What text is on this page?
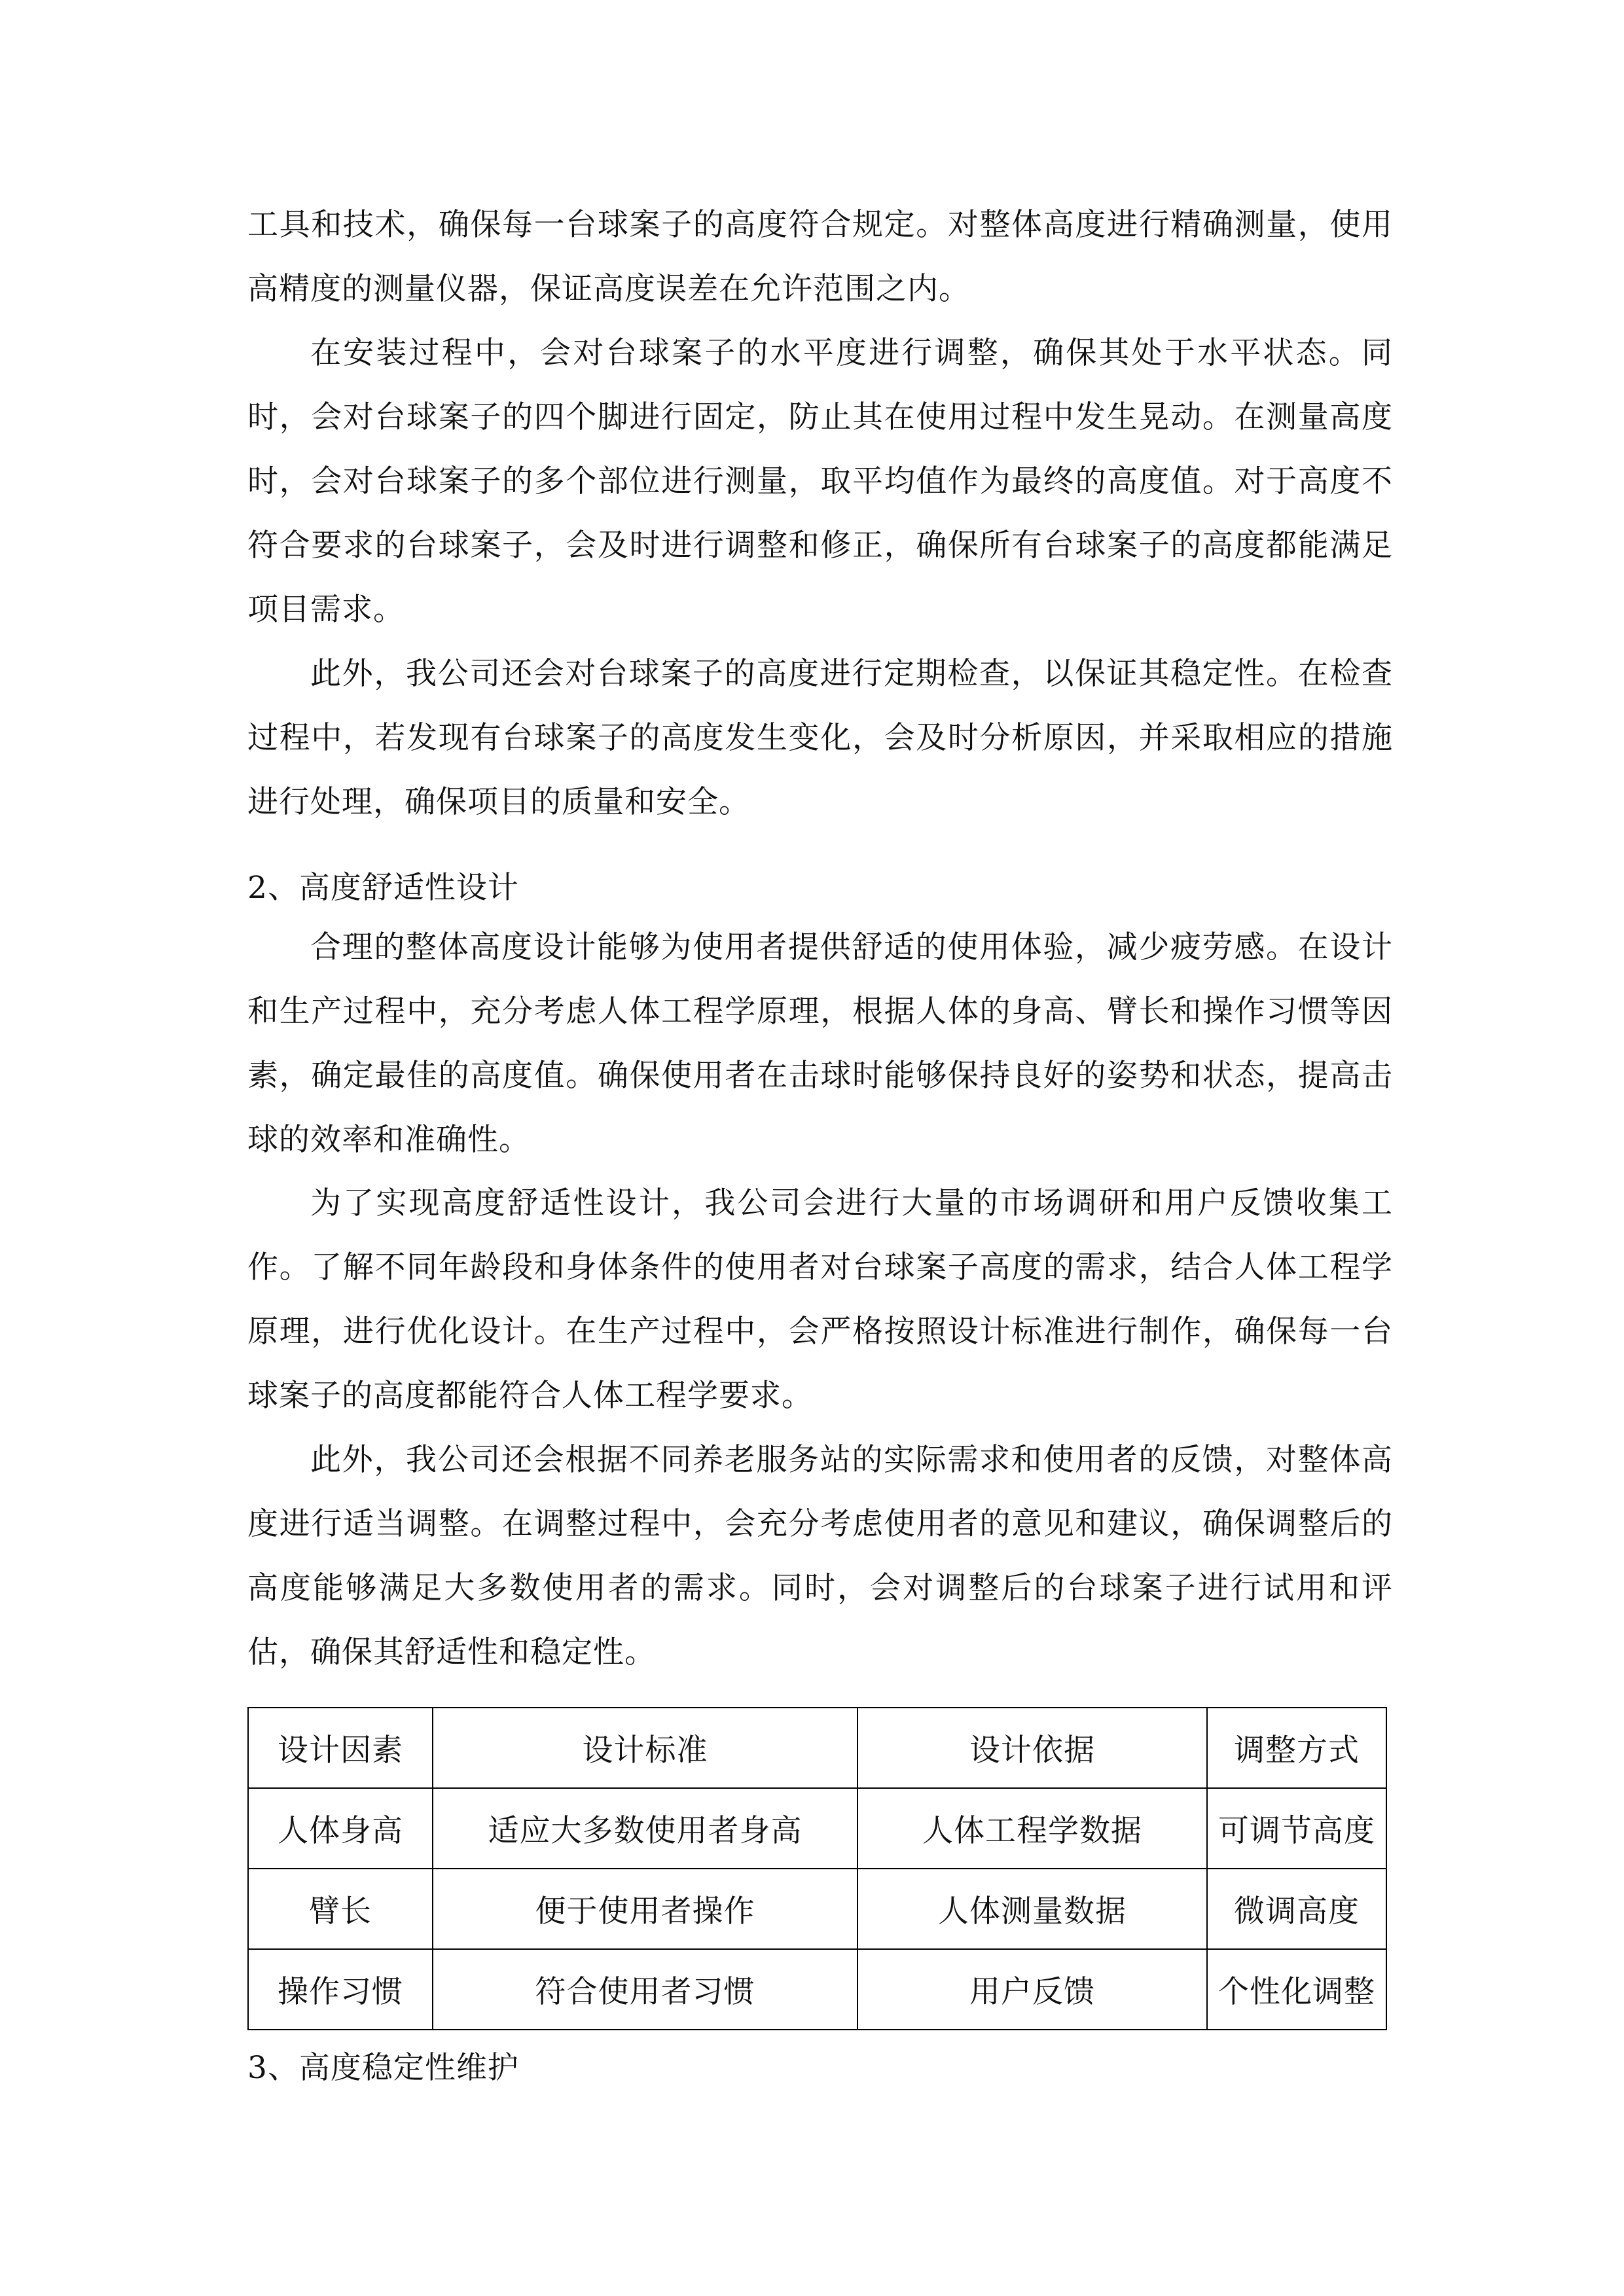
工具和技术，确保每一台球案子的高度符合规定。对整体高度进行精确测量，使用高精度的测量仪器，保证高度误差在允许范围之内。

在安装过程中，会对台球案子的水平度进行调整，确保其处于水平状态。同时，会对台球案子的四个脚进行固定，防止其在使用过程中发生晃动。在测量高度时，会对台球案子的多个部位进行测量，取平均值作为最终的高度值。对于高度不符合要求的台球案子，会及时进行调整和修正，确保所有台球案子的高度都能满足项目需求。

此外，我公司还会对台球案子的高度进行定期检查，以保证其稳定性。在检查过程中，若发现有台球案子的高度发生变化，会及时分析原因，并采取相应的措施进行处理，确保项目的质量和安全。

2、高度舒适性设计

合理的整体高度设计能够为使用者提供舒适的使用体验，减少疲劳感。在设计和生产过程中，充分考虑人体工程学原理，根据人体的身高、臂长和操作习惯等因素，确定最佳的高度值。确保使用者在击球时能够保持良好的姿势和状态，提高击球的效率和准确性。

为了实现高度舒适性设计，我公司会进行大量的市场调研和用户反馈收集工作。了解不同年龄段和身体条件的使用者对台球案子高度的需求，结合人体工程学原理，进行优化设计。在生产过程中，会严格按照设计标准进行制作，确保每一台球案子的高度都能符合人体工程学要求。

此外，我公司还会根据不同养老服务站的实际需求和使用者的反馈，对整体高度进行适当调整。在调整过程中，会充分考虑使用者的意见和建议，确保调整后的高度能够满足大多数使用者的需求。同时，会对调整后的台球案子进行试用和评估，确保其舒适性和稳定性。

设计因素	设计标准	设计依据	调整方式
人体身高	适应大多数使用者身高	人体工程学数据	可调节高度
臂长	便于使用者操作	人体测量数据	微调高度
操作习惯	符合使用者习惯	用户反馈	个性化调整

3、高度稳定性维护
